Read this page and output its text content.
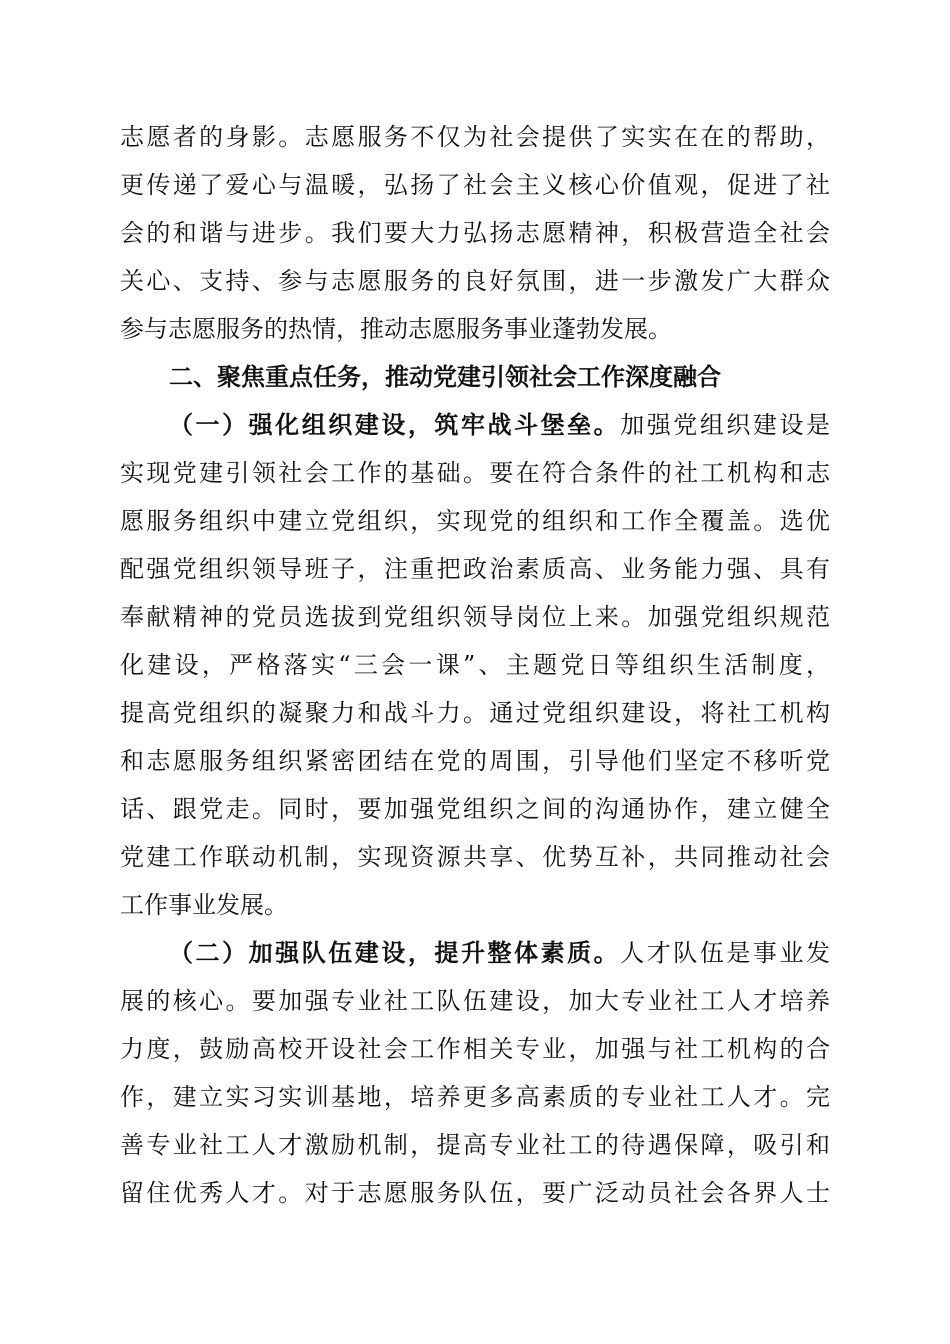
志愿者的身影。志愿服务不仅为社会提供了实实在在的帮助，
更传递了爱心与温暖，弘扬了社会主义核心价值观，促进了社
会的和谐与进步。我们要大力弘扬志愿精神，积极营造全社会
关心、支持、参与志愿服务的良好氛围，进一步激发广大群众
参与志愿服务的热情，推动志愿服务事业蓬勃发展。
二、聚焦重点任务，推动党建引领社会工作深度融合
（一）强化组织建设，筑牢战斗堡垒。加强党组织建设是
实现党建引领社会工作的基础。要在符合条件的社工机构和志
愿服务组织中建立党组织，实现党的组织和工作全覆盖。选优
配强党组织领导班子，注重把政治素质高、业务能力强、具有
奉献精神的党员选拔到党组织领导岗位上来。加强党组织规范
化建设，严格落实“三会一课”、主题党日等组织生活制度，
提高党组织的凝聚力和战斗力。通过党组织建设，将社工机构
和志愿服务组织紧密团结在党的周围，引导他们坚定不移听党
话、跟党走。同时，要加强党组织之间的沟通协作，建立健全
党建工作联动机制，实现资源共享、优势互补，共同推动社会
工作事业发展。
（二）加强队伍建设，提升整体素质。人才队伍是事业发
展的核心。要加强专业社工队伍建设，加大专业社工人才培养
力度，鼓励高校开设社会工作相关专业，加强与社工机构的合
作，建立实习实训基地，培养更多高素质的专业社工人才。完
善专业社工人才激励机制，提高专业社工的待遇保障，吸引和
留住优秀人才。对于志愿服务队伍，要广泛动员社会各界人士
